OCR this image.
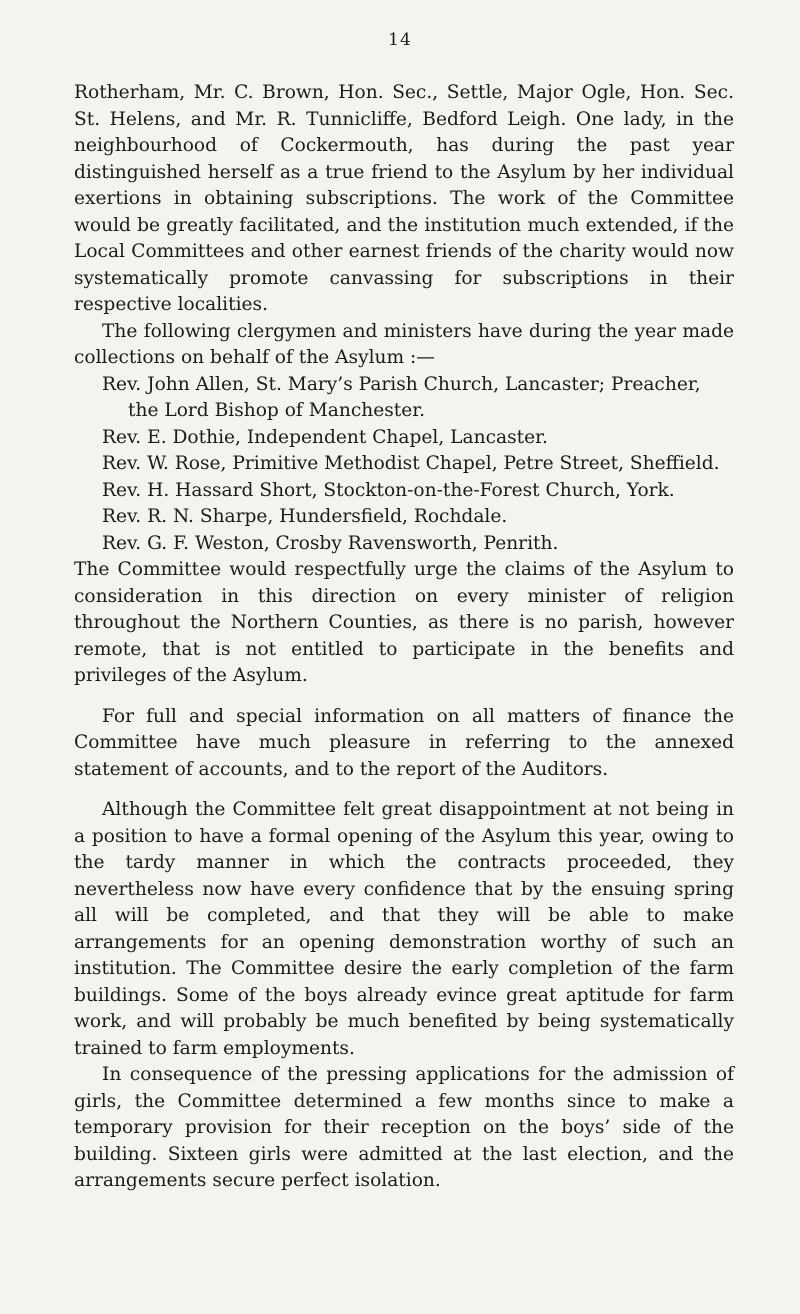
14

Rotherham, Mr. C. Brown, Hon. Sec., Settle, Major Ogle, Hon. Sec. St. Helens, and Mr. R. Tunnicliffe, Bedford Leigh. One lady, in the neighbourhood of Cockermouth, has during the past year distinguished herself as a true friend to the Asylum by her individual exertions in obtaining subscriptions. The work of the Committee would be greatly facilitated, and the institution much extended, if the Local Committees and other earnest friends of the charity would now systematically promote canvassing for subscriptions in their respective localities.

The following clergymen and ministers have during the year made collections on behalf of the Asylum :—

Rev. John Allen, St. Mary’s Parish Church, Lancaster; Preacher, the Lord Bishop of Manchester.
Rev. E. Dothie, Independent Chapel, Lancaster.
Rev. W. Rose, Primitive Methodist Chapel, Petre Street, Sheffield.
Rev. H. Hassard Short, Stockton-on-the-Forest Church, York.
Rev. R. N. Sharpe, Hundersfield, Rochdale.
Rev. G. F. Weston, Crosby Ravensworth, Penrith.

The Committee would respectfully urge the claims of the Asylum to consideration in this direction on every minister of religion throughout the Northern Counties, as there is no parish, however remote, that is not entitled to participate in the benefits and privileges of the Asylum.

For full and special information on all matters of finance the Committee have much pleasure in referring to the annexed statement of accounts, and to the report of the Auditors.

Although the Committee felt great disappointment at not being in a position to have a formal opening of the Asylum this year, owing to the tardy manner in which the contracts proceeded, they nevertheless now have every confidence that by the ensuing spring all will be completed, and that they will be able to make arrangements for an opening demonstration worthy of such an institution. The Committee desire the early completion of the farm buildings. Some of the boys already evince great aptitude for farm work, and will probably be much benefited by being systematically trained to farm employments.

In consequence of the pressing applications for the admission of girls, the Committee determined a few months since to make a temporary provision for their reception on the boys’ side of the building. Sixteen girls were admitted at the last election, and the arrangements secure perfect isolation.
